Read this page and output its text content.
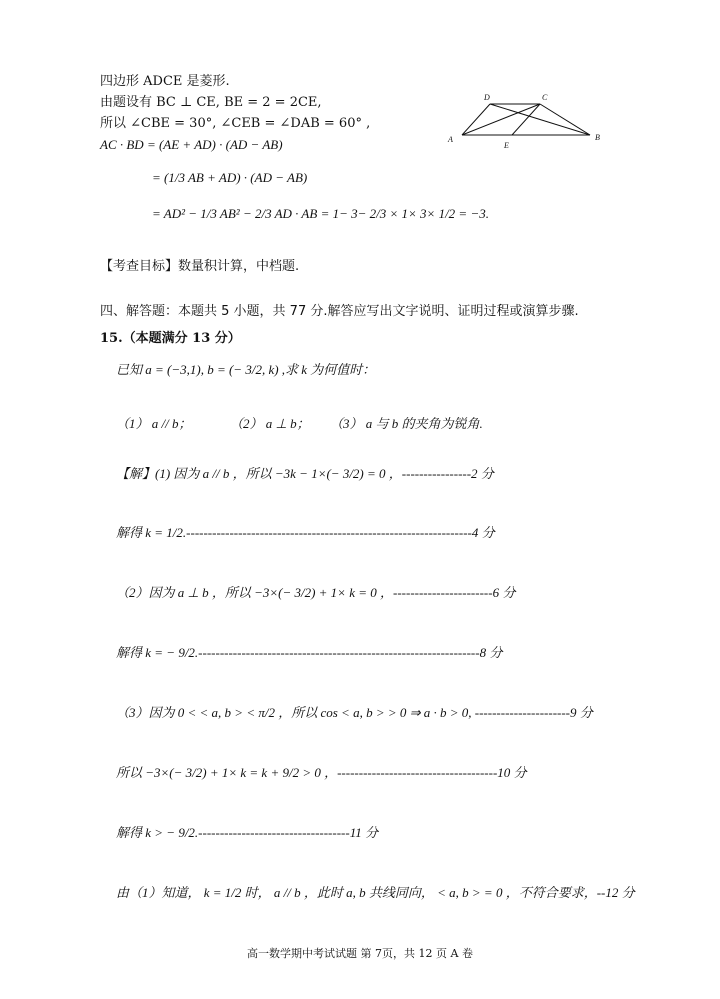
四边形 ADCE 是菱形.
由题设有 BC ⊥ CE, BE = 2 = 2CE,
所以 ∠CBE = 30°, ∠CEB = ∠DAB = 60° ,
AC · BD = (AE + AD) · (AD − AB)
= (1/3 AB + AD) · (AD − AB)
= AD² − 1/3 AB² − 2/3 AD · AB = 1− 3− 2/3 × 1× 3× 1/2 = −3.
D	C
A
E
B
【考查目标】数量积计算，中档题.
四、解答题：本题共 5 小题，共 77 分.解答应写出文字说明、证明过程或演算步骤.
15.（本题满分 13 分）
已知 a = (−3,1), b = (− 3/2, k) ,求 k 为何值时：
（1） a // b；	（2） a ⊥ b； （3） a 与 b 的夹角为锐角.
【解】(1) 因为 a // b ，所以 −3k − 1×(− 3/2) = 0 ，----------------2 分
解得 k = 1/2.------------------------------------------------------------------4 分
（2）因为 a ⊥ b ，所以 −3×(− 3/2) + 1× k = 0 ，-----------------------6 分
解得 k = − 9/2.-----------------------------------------------------------------8 分
（3）因为 0 < < a, b > < π/2 ，所以 cos < a, b > > 0 ⇒ a · b > 0, ----------------------9 分
所以 −3×(− 3/2) + 1× k = k + 9/2 > 0 ，-------------------------------------10 分
解得 k > − 9/2.-----------------------------------11 分
由（1）知道， k = 1/2 时， a // b ，此时 a, b 共线同向， < a, b > = 0 ，不符合要求，--12 分
高一数学期中考试试题 第 7页，共 12 页 A 卷
